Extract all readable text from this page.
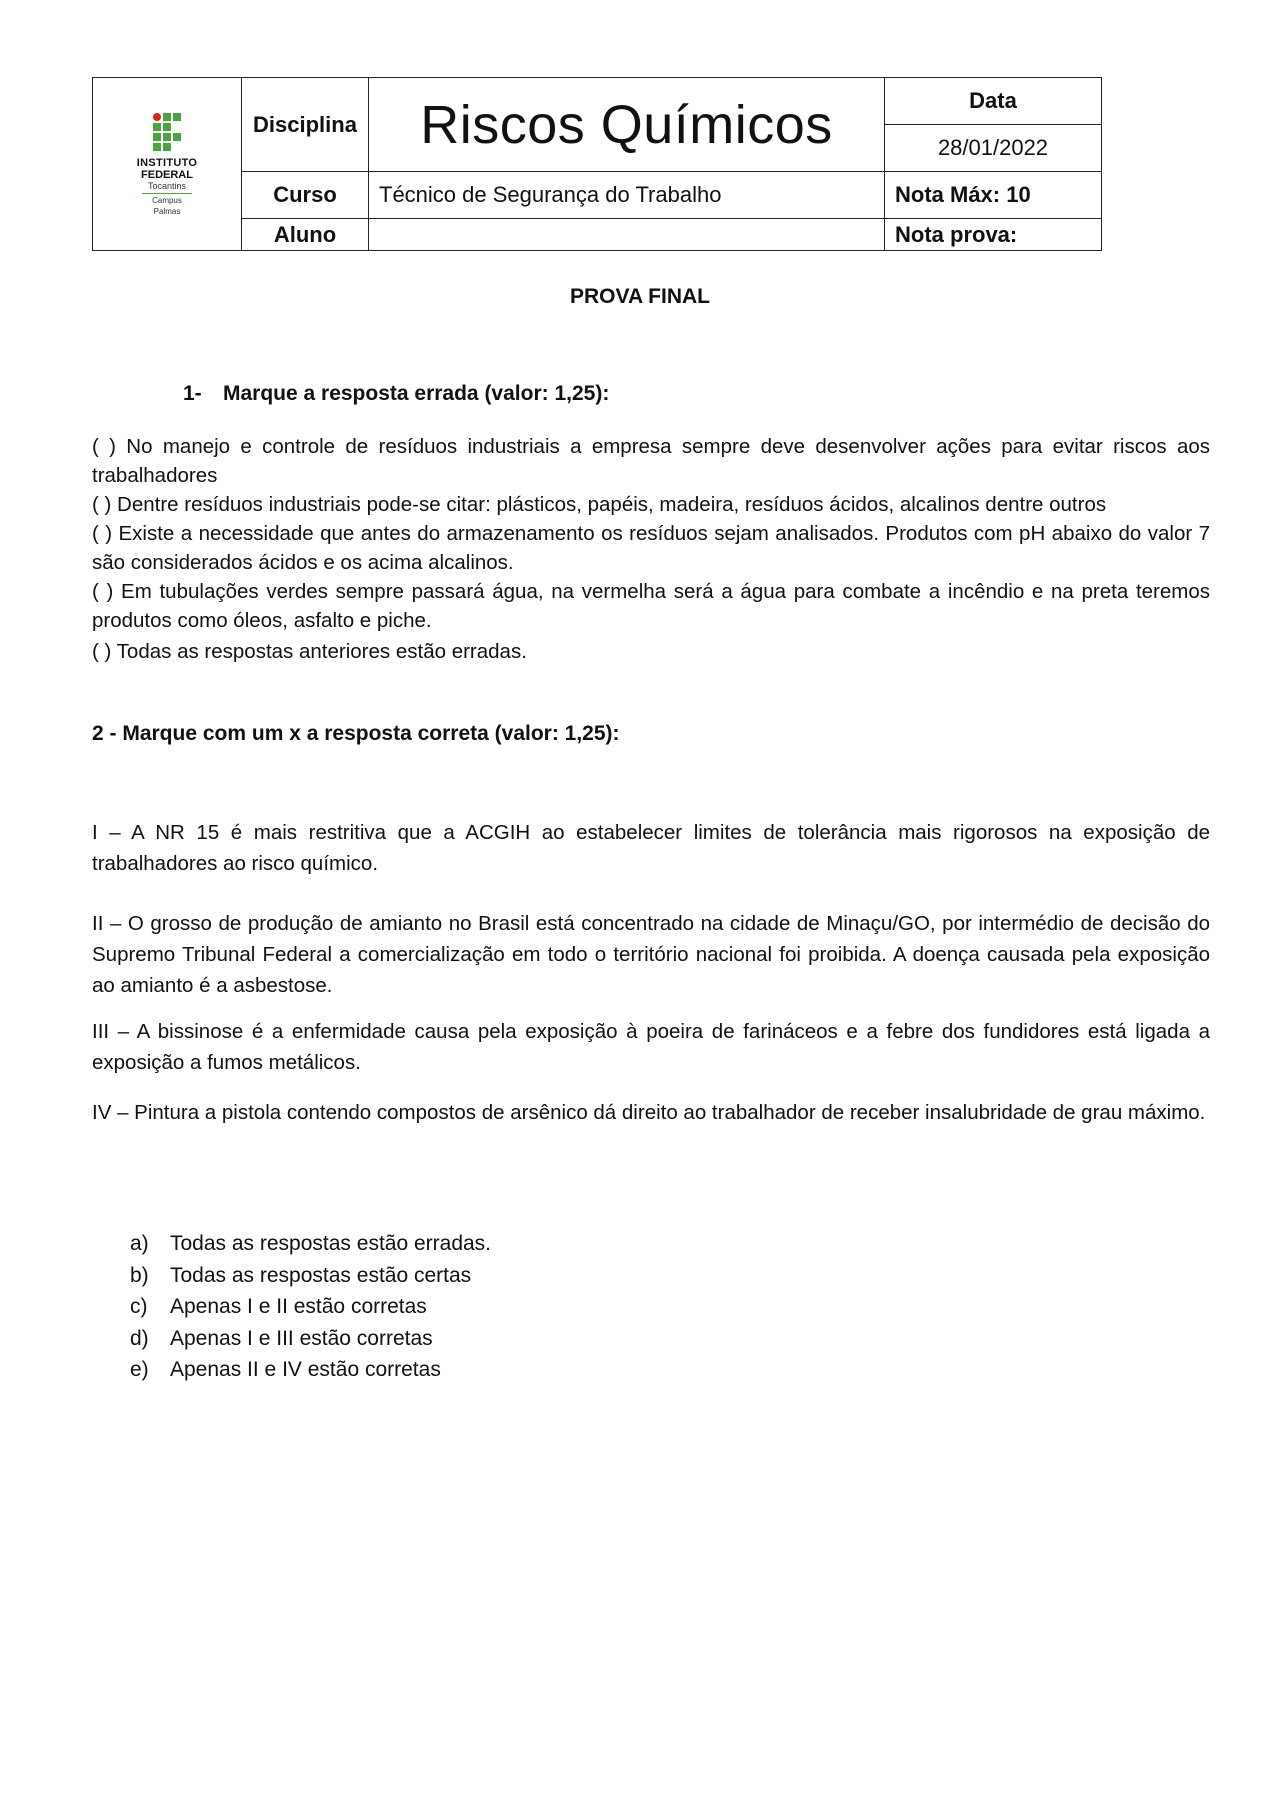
INSTITUTO
FEDERAL
Tocantins
Campus
Palmas	Disciplina	Riscos Químicos	Data
			28/01/2022
	Curso	Técnico de Segurança do Trabalho	Nota Máx: 10
	Aluno		Nota prova:
PROVA FINAL
1- Marque a resposta errada (valor: 1,25):
( ) No manejo e controle de resíduos industriais a empresa sempre deve desenvolver ações para evitar riscos aos trabalhadores
( ) Dentre resíduos industriais pode-se citar: plásticos, papéis, madeira, resíduos ácidos, alcalinos dentre outros
( ) Existe a necessidade que antes do armazenamento os resíduos sejam analisados. Produtos com pH abaixo do valor 7 são considerados ácidos e os acima alcalinos.
( ) Em tubulações verdes sempre passará água, na vermelha será a água para combate a incêndio e na preta teremos produtos como óleos, asfalto e piche.
( ) Todas as respostas anteriores estão erradas.
2 - Marque com um x a resposta correta (valor: 1,25):
I – A NR 15 é mais restritiva que a ACGIH ao estabelecer limites de tolerância mais rigorosos na exposição de trabalhadores ao risco químico.
II – O grosso de produção de amianto no Brasil está concentrado na cidade de Minaçu/GO, por intermédio de decisão do Supremo Tribunal Federal a comercialização em todo o território nacional foi proibida. A doença causada pela exposição ao amianto é a asbestose.
III – A bissinose é a enfermidade causa pela exposição à poeira de farináceos e a febre dos fundidores está ligada a exposição a fumos metálicos.
IV – Pintura a pistola contendo compostos de arsênico dá direito ao trabalhador de receber insalubridade de grau máximo.
a)	Todas as respostas estão erradas.
b)	Todas as respostas estão certas
c)	Apenas I e II estão corretas
d)	Apenas I e III estão corretas
e)	Apenas II e IV estão corretas
